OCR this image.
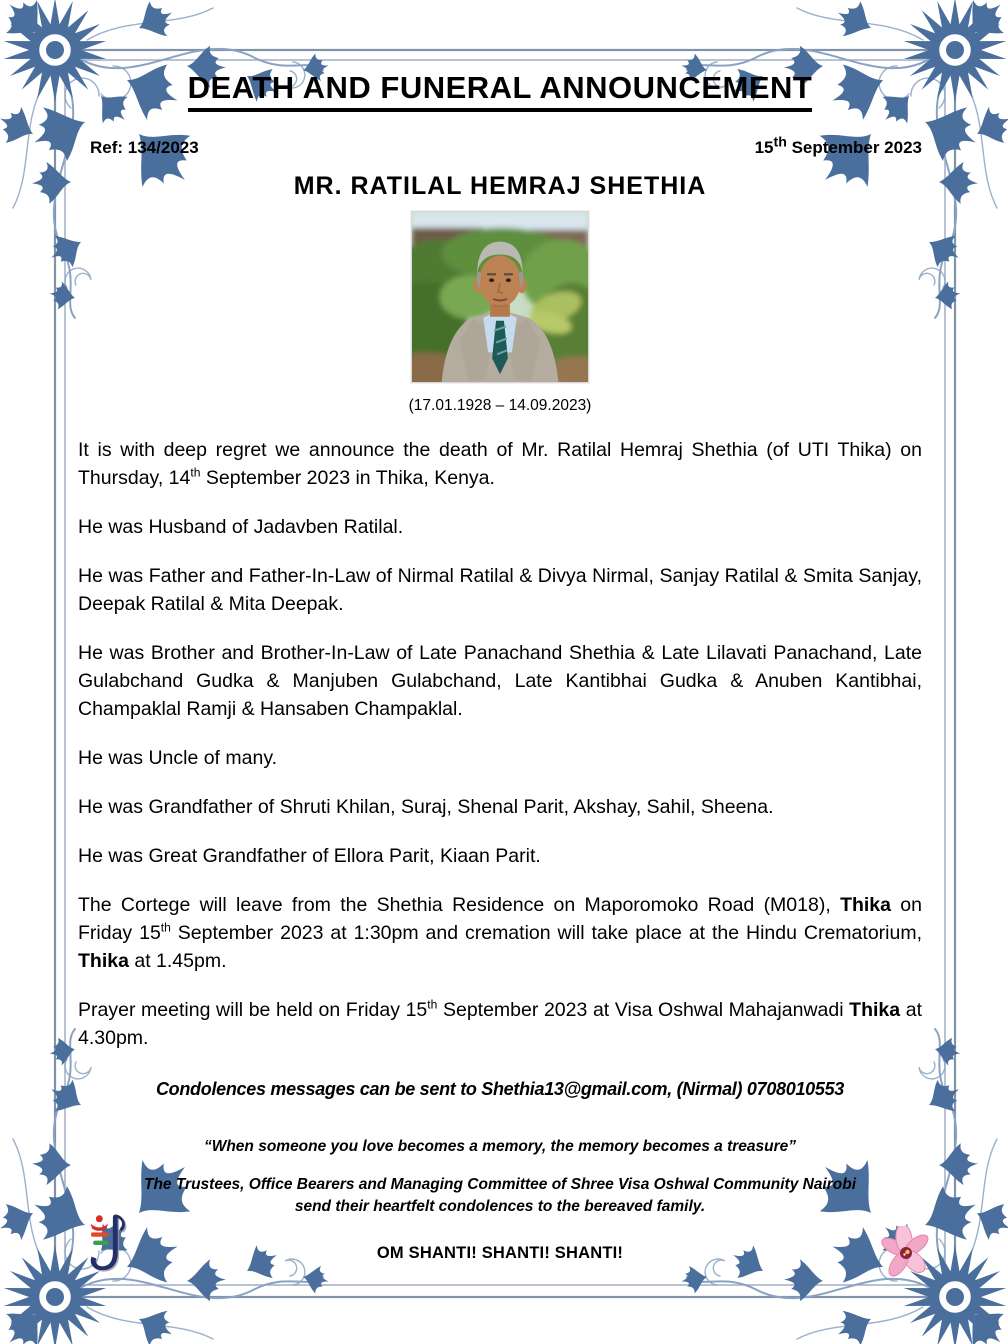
DEATH AND FUNERAL ANNOUNCEMENT
Ref: 134/2023	15th September 2023
MR. RATILAL HEMRAJ SHETHIA
(17.01.1928 – 14.09.2023)

It is with deep regret we announce the death of Mr. Ratilal Hemraj Shethia (of UTI Thika) on Thursday, 14th September 2023 in Thika, Kenya.

He was Husband of Jadavben Ratilal.

He was Father and Father-In-Law of Nirmal Ratilal & Divya Nirmal, Sanjay Ratilal & Smita Sanjay, Deepak Ratilal & Mita Deepak.

He was Brother and Brother-In-Law of Late Panachand Shethia & Late Lilavati Panachand, Late Gulabchand Gudka & Manjuben Gulabchand, Late Kantibhai Gudka & Anuben Kantibhai, Champaklal Ramji & Hansaben Champaklal.

He was Uncle of many.

He was Grandfather of Shruti Khilan, Suraj, Shenal Parit, Akshay, Sahil, Sheena.

He was Great Grandfather of Ellora Parit, Kiaan Parit.

The Cortege will leave from the Shethia Residence on Maporomoko Road (M018), Thika on Friday 15th September 2023 at 1:30pm and cremation will take place at the Hindu Crematorium, Thika at 1.45pm.

Prayer meeting will be held on Friday 15th September 2023 at Visa Oshwal Mahajanwadi Thika at 4.30pm.

Condolences messages can be sent to Shethia13@gmail.com, (Nirmal) 0708010553
“When someone you love becomes a memory, the memory becomes a treasure”
The Trustees, Office Bearers and Managing Committee of Shree Visa Oshwal Community Nairobi
send their heartfelt condolences to the bereaved family.
OM SHANTI! SHANTI! SHANTI!
